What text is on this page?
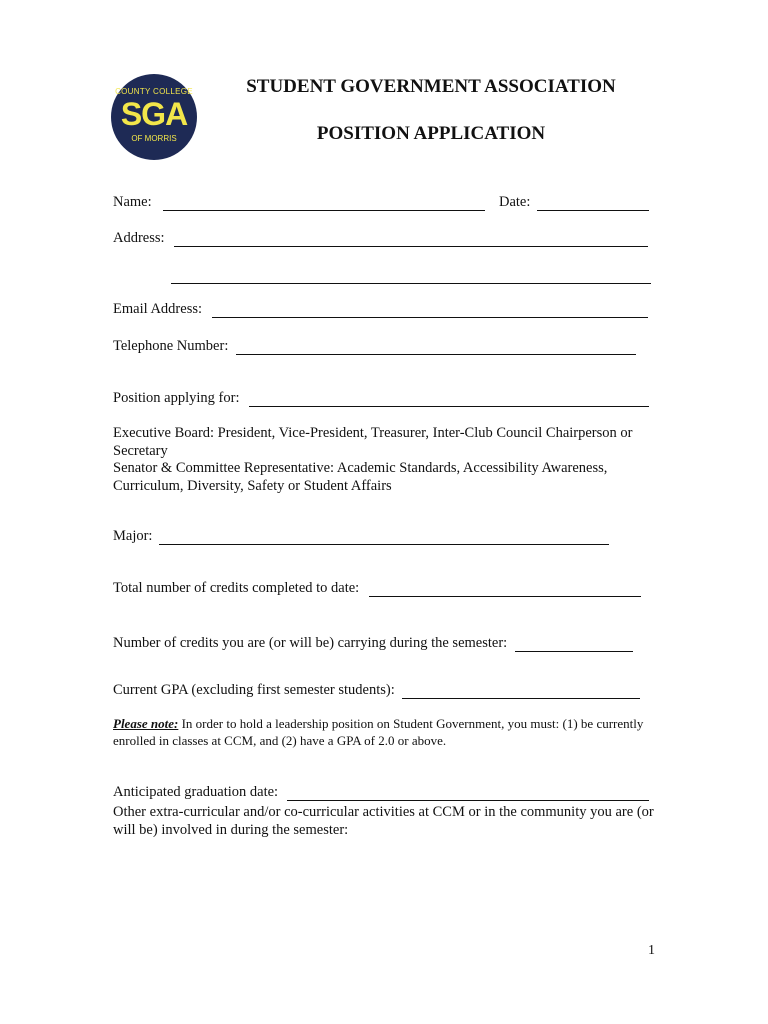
COUNTY COLLEGE
SGA
OF MORRIS
STUDENT GOVERNMENT ASSOCIATION
POSITION APPLICATION
Name:	Date:
Address:
Email Address:
Telephone Number:
Position applying for:
Executive Board: President, Vice-President, Treasurer, Inter-Club Council Chairperson or Secretary
Senator & Committee Representative: Academic Standards, Accessibility Awareness, Curriculum, Diversity, Safety or Student Affairs
Major:
Total number of credits completed to date:
Number of credits you are (or will be) carrying during the semester:
Current GPA (excluding first semester students):
Please note: In order to hold a leadership position on Student Government, you must: (1) be currently enrolled in classes at CCM, and (2) have a GPA of 2.0 or above.
Anticipated graduation date:
Other extra-curricular and/or co-curricular activities at CCM or in the community you are (or will be) involved in during the semester:
1
